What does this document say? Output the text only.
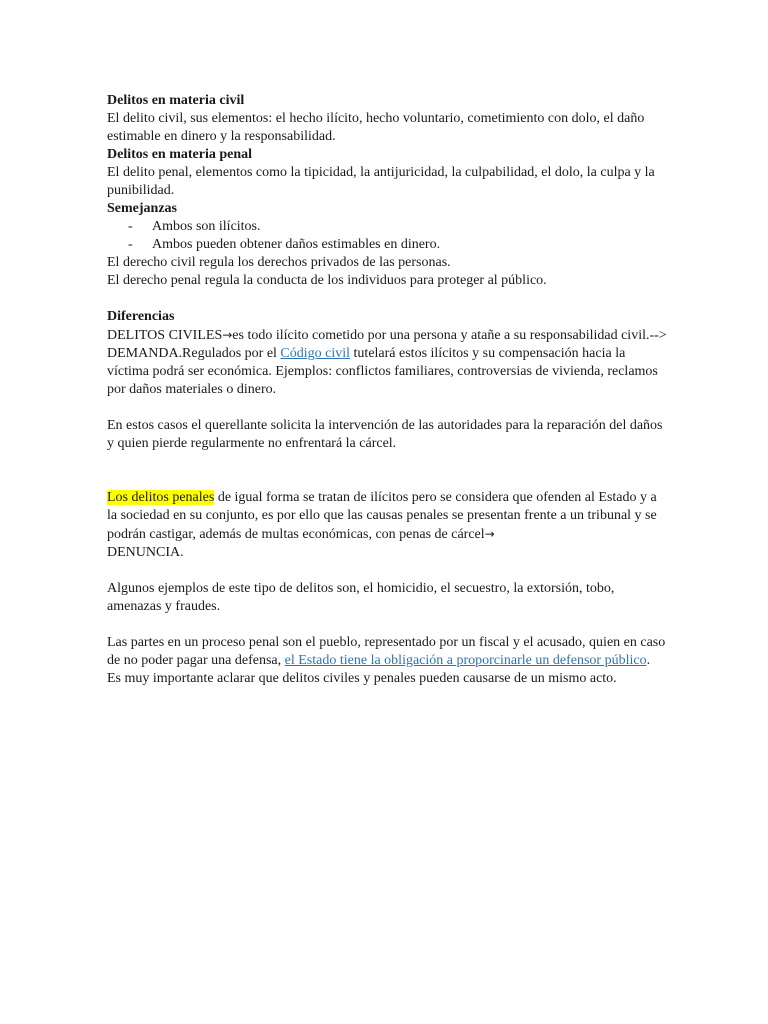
Delitos en materia civil

El delito civil, sus elementos: el hecho ilícito, hecho voluntario, cometimiento con dolo, el daño estimable en dinero y la responsabilidad.

Delitos en materia penal

El delito penal, elementos como la tipicidad, la antijuricidad, la culpabilidad, el dolo, la culpa y la punibilidad.

Semejanzas

- Ambos son ilícitos.
- Ambos pueden obtener daños estimables en dinero.

El derecho civil regula los derechos privados de las personas.

El derecho penal regula la conducta de los individuos para proteger al público.

Diferencias

DELITOS CIVILES→es todo ilícito cometido por una persona y atañe a su responsabilidad civil.--> DEMANDA.Regulados por el Código civil tutelará estos ilícitos y su compensación hacia la víctima podrá ser económica. Ejemplos: conflictos familiares, controversias de vivienda, reclamos por daños materiales o dinero.

En estos casos el querellante solicita la intervención de las autoridades para la reparación del daños y quien pierde regularmente no enfrentará la cárcel.

Los delitos penales de igual forma se tratan de ilícitos pero se considera que ofenden al Estado y a la sociedad en su conjunto, es por ello que las causas penales se presentan frente a un tribunal y se podrán castigar, además de multas económicas, con penas de cárcel→
DENUNCIA.

Algunos ejemplos de este tipo de delitos son, el homicidio, el secuestro, la extorsión, tobo, amenazas y fraudes.

Las partes en un proceso penal son el pueblo, representado por un fiscal y el acusado, quien en caso de no poder pagar una defensa, el Estado tiene la obligación a proporcinarle un defensor público.

Es muy importante aclarar que delitos civiles y penales pueden causarse de un mismo acto.
